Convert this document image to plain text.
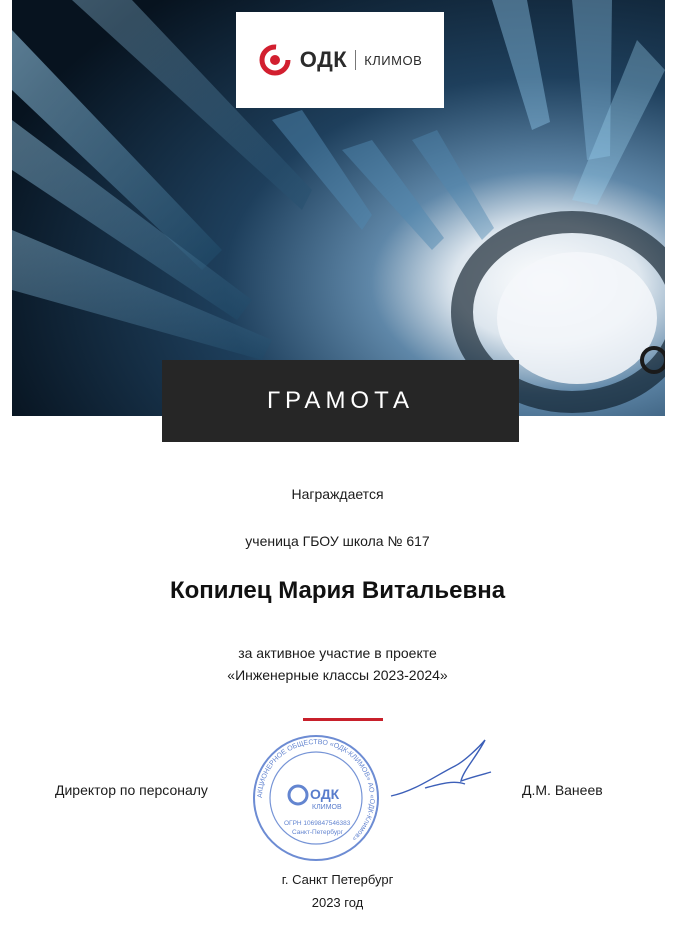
ОДК КЛИМОВ
ГРАМОТА
Награждается
ученица ГБОУ школа № 617
Копилец Мария Витальевна
за активное участие в проекте
«Инженерные классы 2023-2024»
Директор по персоналу	АКЦИОНЕРНОЕ ОБЩЕСТВО «ОДК-КЛИМОВ» АО «ОДК-Климов»
ОДК
КЛИМОВ
ОГРН 1069847546383
Санкт-Петербург
Д.М. Ванеев
г. Санкт Петербург
2023 год
